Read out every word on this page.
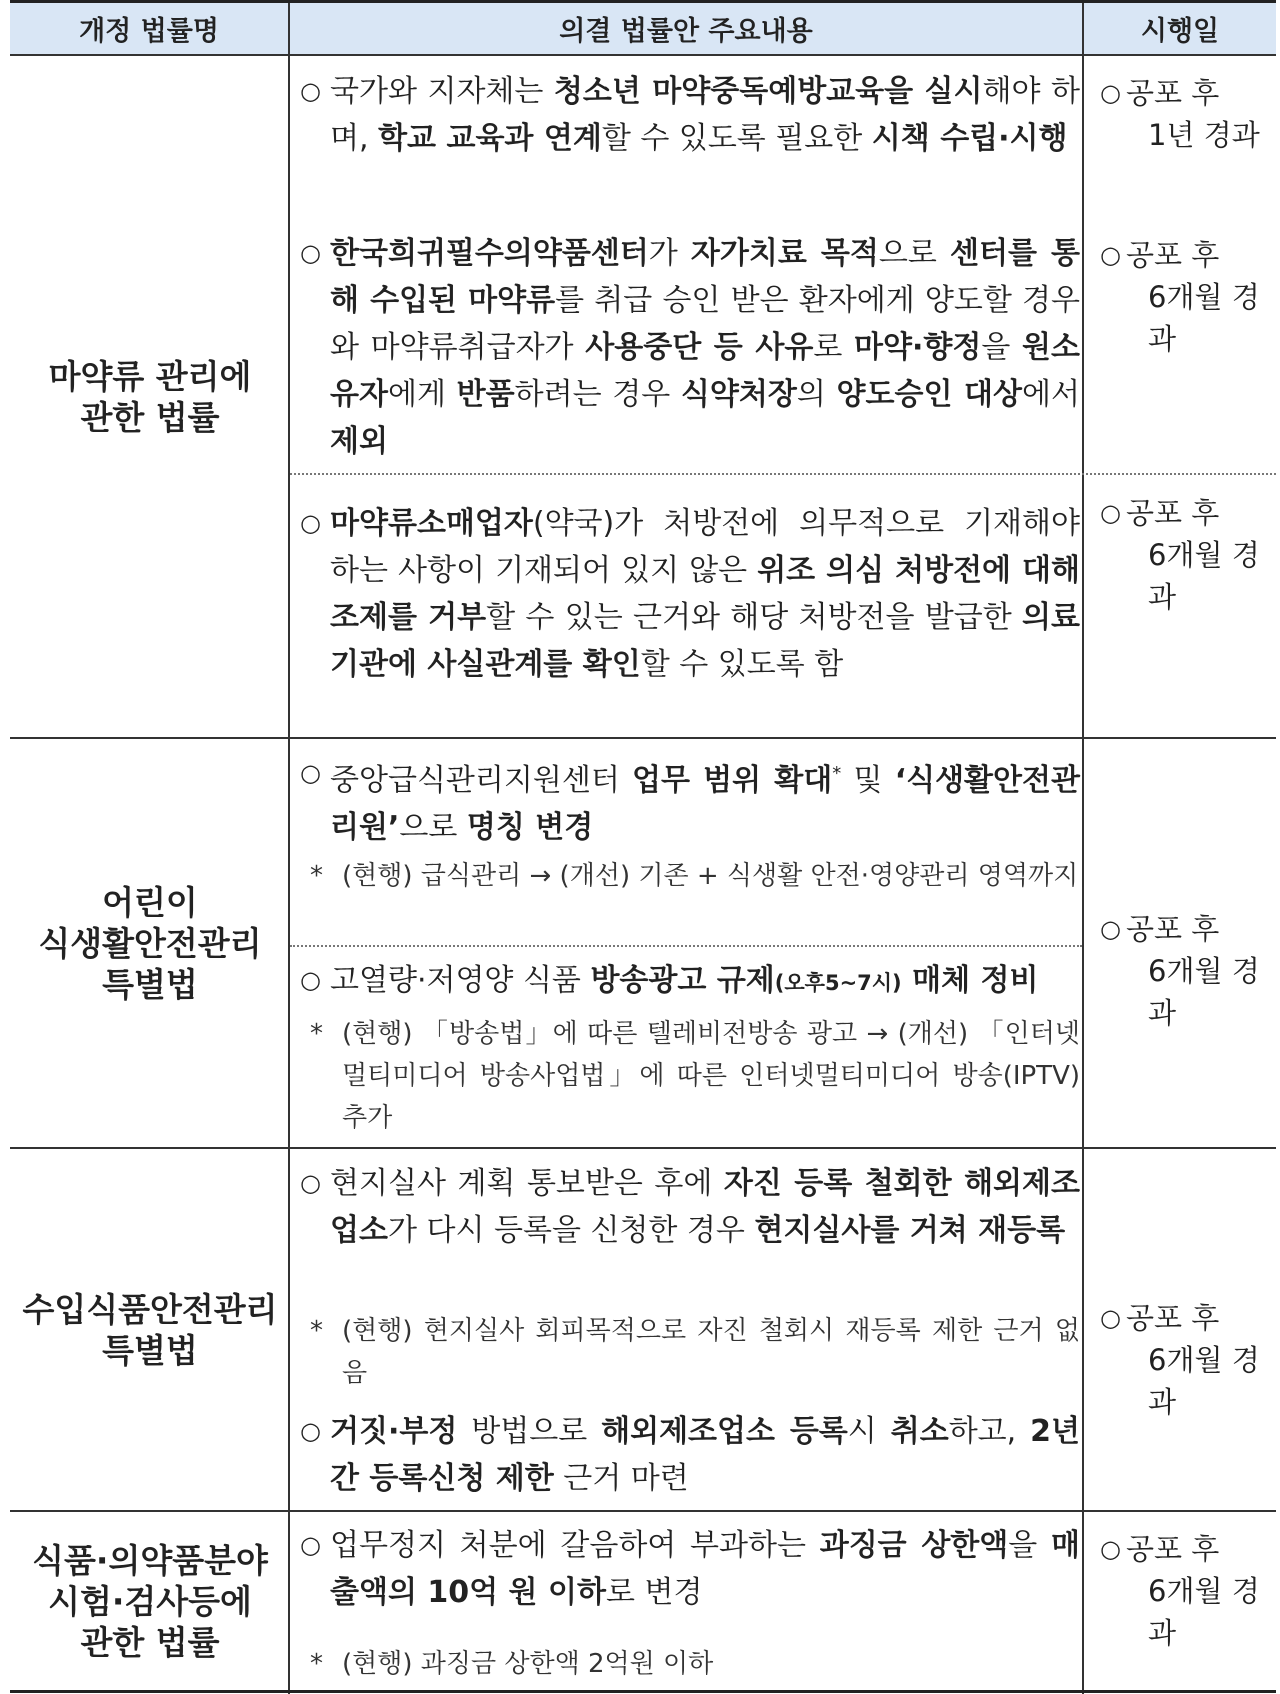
개정 법률명	의결 법률안 주요내용	시행일
마약류 관리에
관한 법률
○ 국가와 지자체는 청소년 마약중독예방교육을 실시해야 하며, 학교 교육과 연계할 수 있도록 필요한 시책 수립·시행
○ 공포 후
1년 경과
○ 한국희귀필수의약품센터가 자가치료 목적으로 센터를 통해 수입된 마약류를 취급 승인 받은 환자에게 양도할 경우와 마약류취급자가 사용중단 등 사유로 마약·향정을 원소유자에게 반품하려는 경우 식약처장의 양도승인 대상에서 제외
○ 공포 후
6개월 경과
○ 마약류소매업자(약국)가 처방전에 의무적으로 기재해야 하는 사항이 기재되어 있지 않은 위조 의심 처방전에 대해 조제를 거부할 수 있는 근거와 해당 처방전을 발급한 의료기관에 사실관계를 확인할 수 있도록 함
○ 공포 후
6개월 경과
어린이
식생활안전관리
특별법
○ 중앙급식관리지원센터 업무 범위 확대* 및 ‘식생활안전관리원’으로 명칭 변경
* (현행) 급식관리 → (개선) 기존 + 식생활 안전·영양관리 영역까지
○ 고열량·저영양 식품 방송광고 규제(오후5~7시) 매체 정비
* (현행) 「방송법」에 따른 텔레비전방송 광고 → (개선) 「인터넷 멀티미디어 방송사업법」에 따른 인터넷멀티미디어 방송(IPTV) 추가
○ 공포 후
6개월 경과
수입식품안전관리
특별법
○ 현지실사 계획 통보받은 후에 자진 등록 철회한 해외제조업소가 다시 등록을 신청한 경우 현지실사를 거쳐 재등록
* (현행) 현지실사 회피목적으로 자진 철회시 재등록 제한 근거 없음
○ 거짓·부정 방법으로 해외제조업소 등록시 취소하고, 2년간 등록신청 제한 근거 마련
○ 공포 후
6개월 경과
식품·의약품분야
시험·검사등에
관한 법률
○ 업무정지 처분에 갈음하여 부과하는 과징금 상한액을 매출액의 10억 원 이하로 변경
* (현행) 과징금 상한액 2억원 이하
○ 공포 후
6개월 경과
